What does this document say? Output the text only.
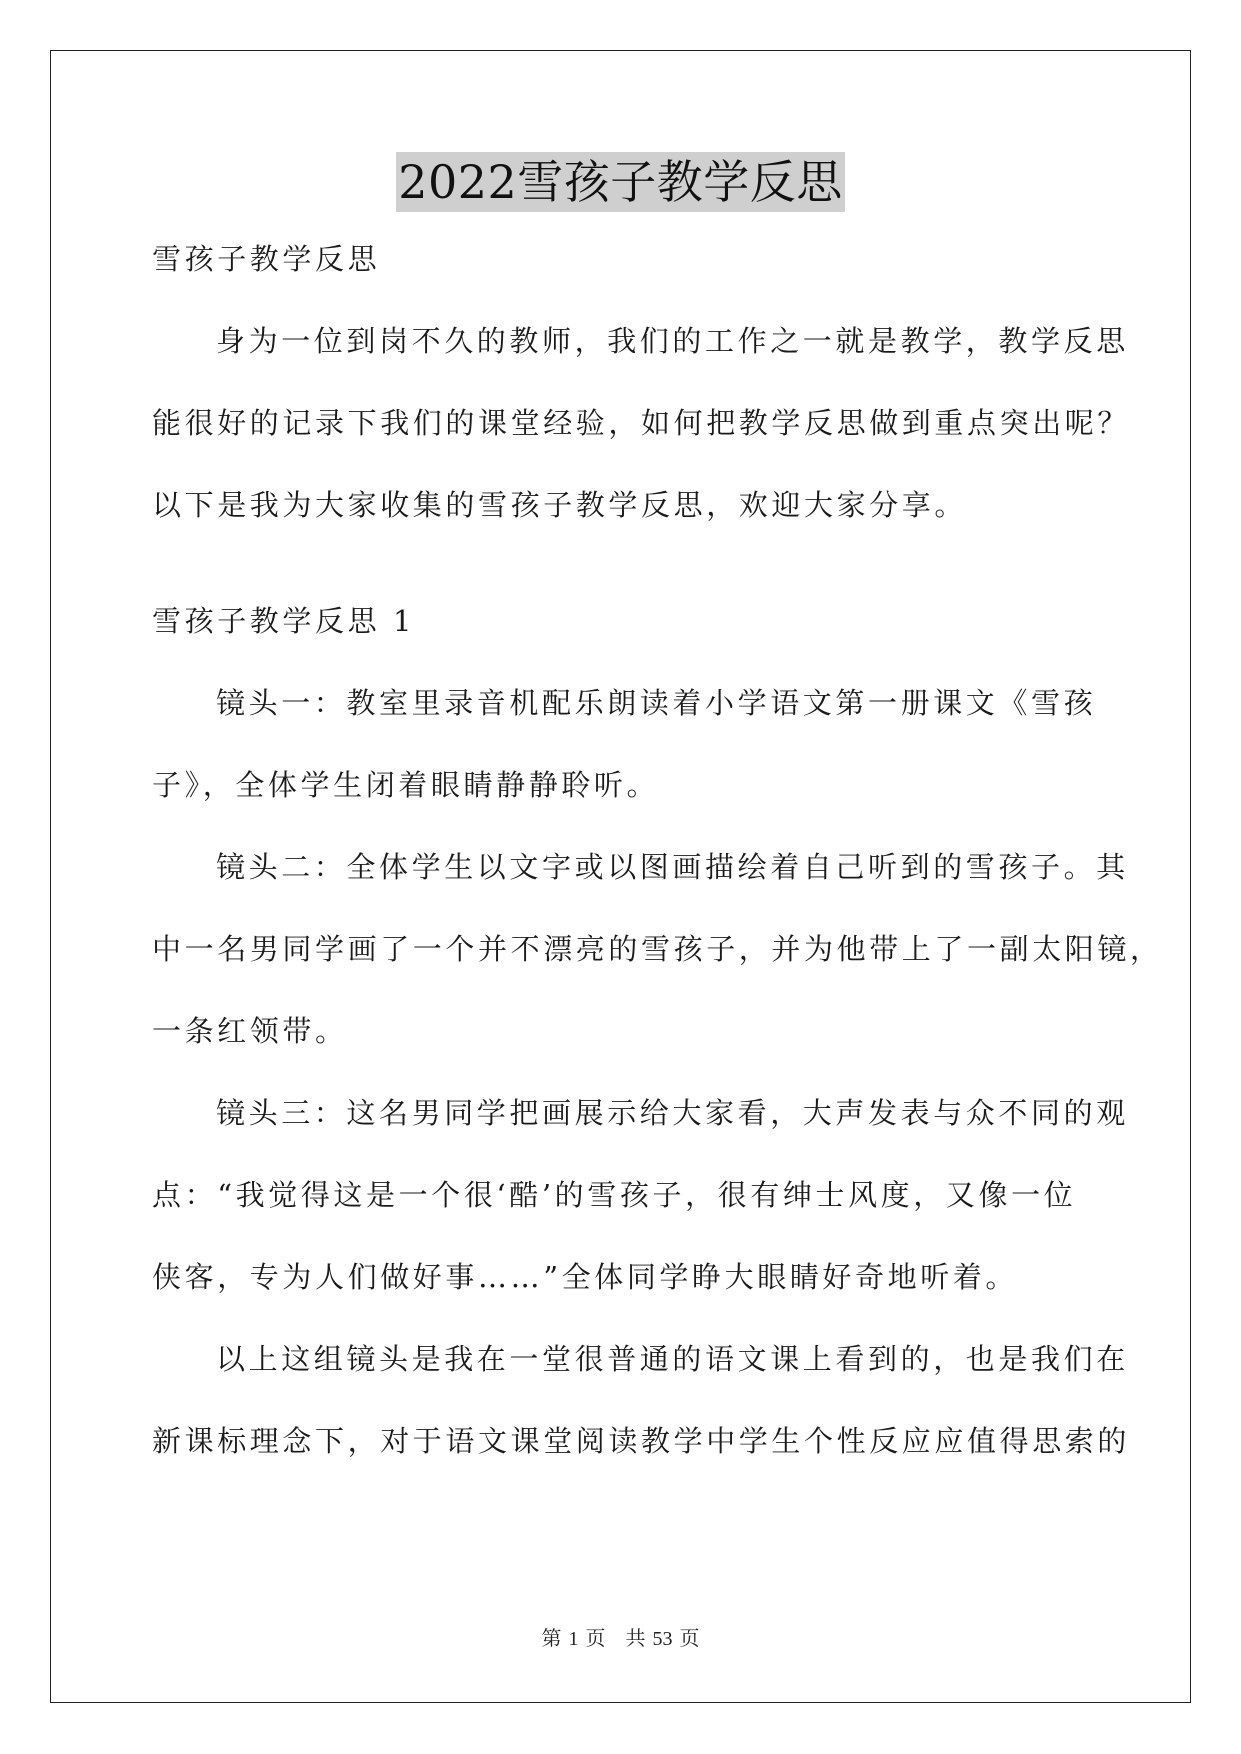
2022雪孩子教学反思
雪孩子教学反思
身为一位到岗不久的教师，我们的工作之一就是教学，教学反思
能很好的记录下我们的课堂经验，如何把教学反思做到重点突出呢？
以下是我为大家收集的雪孩子教学反思，欢迎大家分享。
雪孩子教学反思 1
镜头一：教室里录音机配乐朗读着小学语文第一册课文《雪孩
子》，全体学生闭着眼睛静静聆听。
镜头二：全体学生以文字或以图画描绘着自己听到的雪孩子。其
中一名男同学画了一个并不漂亮的雪孩子，并为他带上了一副太阳镜，
一条红领带。
镜头三：这名男同学把画展示给大家看，大声发表与众不同的观
点：“我觉得这是一个很‘酷’的雪孩子，很有绅士风度，又像一位
侠客，专为人们做好事……”全体同学睁大眼睛好奇地听着。
以上这组镜头是我在一堂很普通的语文课上看到的，也是我们在
新课标理念下，对于语文课堂阅读教学中学生个性反应应值得思索的
第 1 页 共 53 页
